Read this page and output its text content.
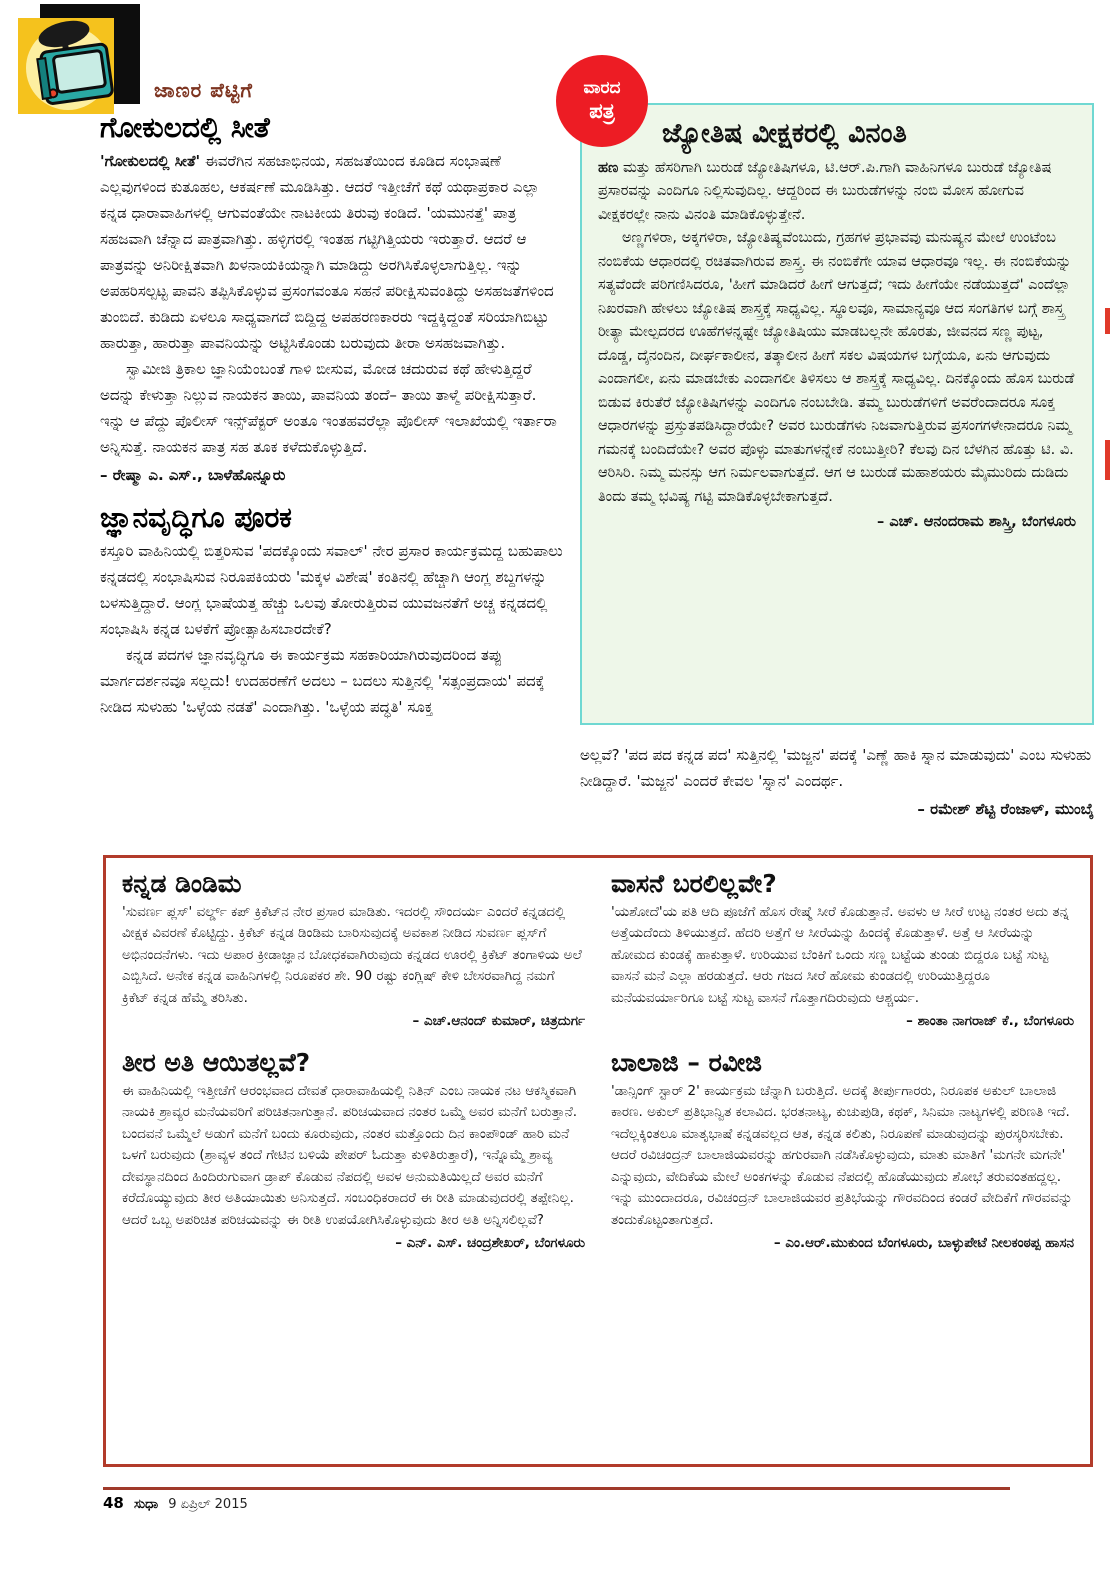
ಜಾಣರ ಪೆಟ್ಟಿಗೆ	ವಾರದ
ಪತ್ರ
ಗೋಕುಲದಲ್ಲಿ ಸೀತೆ

'ಗೋಕುಲದಲ್ಲಿ ಸೀತೆ' ಈವರೆಗಿನ ಸಹಜಾಭಿನಯ, ಸಹಜತೆಯಿಂದ ಕೂಡಿದ ಸಂಭಾಷಣೆ ಎಲ್ಲವುಗಳಿಂದ ಕುತೂಹಲ, ಆಕರ್ಷಣೆ ಮೂಡಿಸಿತ್ತು. ಆದರೆ ಇತ್ತೀಚೆಗೆ ಕಥೆ ಯಥಾಪ್ರಕಾರ ಎಲ್ಲಾ ಕನ್ನಡ ಧಾರಾವಾಹಿಗಳಲ್ಲಿ ಆಗುವಂತೆಯೇ ನಾಟಕೀಯ ತಿರುವು ಕಂಡಿದೆ. 'ಯಮುನತ್ತೆ' ಪಾತ್ರ ಸಹಜವಾಗಿ ಚೆನ್ನಾದ ಪಾತ್ರವಾಗಿತ್ತು. ಹಳ್ಳಿಗರಲ್ಲಿ ಇಂತಹ ಗಟ್ಟಿಗಿತ್ತಿಯರು ಇರುತ್ತಾರೆ. ಆದರೆ ಆ ಪಾತ್ರವನ್ನು ಅನಿರೀಕ್ಷಿತವಾಗಿ ಖಳನಾಯಕಿಯನ್ನಾಗಿ ಮಾಡಿದ್ದು ಅರಗಿಸಿಕೊಳ್ಳಲಾಗುತ್ತಿಲ್ಲ. ಇನ್ನು ಅಪಹರಿಸಲ್ಪಟ್ಟ ಪಾವನಿ ತಪ್ಪಿಸಿಕೊಳ್ಳುವ ಪ್ರಸಂಗವಂತೂ ಸಹನೆ ಪರೀಕ್ಷಿಸುವಂತಿದ್ದು ಅಸಹಜತೆಗಳಿಂದ ತುಂಬಿದೆ. ಕುಡಿದು ಏಳಲೂ ಸಾಧ್ಯವಾಗದೆ ಬಿದ್ದಿದ್ದ ಅಪಹರಣಕಾರರು ಇದ್ದಕ್ಕಿದ್ದಂತೆ ಸರಿಯಾಗಿಬಿಟ್ಟು ಹಾರುತ್ತಾ, ಹಾರುತ್ತಾ ಪಾವನಿಯನ್ನು ಅಟ್ಟಿಸಿಕೊಂಡು ಬರುವುದು ತೀರಾ ಅಸಹಜವಾಗಿತ್ತು.

ಸ್ವಾಮೀಜಿ ತ್ರಿಕಾಲ ಜ್ಞಾನಿಯೆಂಬಂತೆ ಗಾಳಿ ಬೀಸುವ, ಮೋಡ ಚದುರುವ ಕಥೆ ಹೇಳುತ್ತಿದ್ದರೆ ಅದನ್ನು ಕೇಳುತ್ತಾ ನಿಲ್ಲುವ ನಾಯಕನ ತಾಯಿ, ಪಾವನಿಯ ತಂದೆ– ತಾಯಿ ತಾಳ್ಮೆ ಪರೀಕ್ಷಿಸುತ್ತಾರೆ. ಇನ್ನು ಆ ಪೆದ್ದು ಪೊಲೀಸ್ ಇನ್ಸ್‌ಪೆಕ್ಟರ್ ಅಂತೂ ಇಂತಹವರೆಲ್ಲಾ ಪೊಲೀಸ್ ಇಲಾಖೆಯಲ್ಲಿ ಇರ್ತಾರಾ ಅನ್ನಿಸುತ್ತೆ. ನಾಯಕನ ಪಾತ್ರ ಸಹ ತೂಕ ಕಳೆದುಕೊಳ್ಳುತ್ತಿದೆ.

– ರೇಷ್ಮಾ ಎ. ಎಸ್., ಬಾಳೆಹೊನ್ನೂರು

ಜ್ಞಾನವೃದ್ಧಿಗೂ ಪೂರಕ

ಕಸ್ತೂರಿ ವಾಹಿನಿಯಲ್ಲಿ ಬಿತ್ತರಿಸುವ 'ಪದಕ್ಕೊಂದು ಸವಾಲ್' ನೇರ ಪ್ರಸಾರ ಕಾರ್ಯಕ್ರಮದ್ದ ಬಹುಪಾಲು ಕನ್ನಡದಲ್ಲಿ ಸಂಭಾಷಿಸುವ ನಿರೂಪಕಿಯರು 'ಮಕ್ಕಳ ವಿಶೇಷ' ಕಂತಿನಲ್ಲಿ ಹೆಚ್ಚಾಗಿ ಆಂಗ್ಲ ಶಬ್ದಗಳನ್ನು ಬಳಸುತ್ತಿದ್ದಾರೆ. ಆಂಗ್ಲ ಭಾಷೆಯತ್ತ ಹೆಚ್ಚು ಒಲವು ತೋರುತ್ತಿರುವ ಯುವಜನತೆಗೆ ಅಚ್ಚ ಕನ್ನಡದಲ್ಲಿ ಸಂಭಾಷಿಸಿ ಕನ್ನಡ ಬಳಕೆಗೆ ಪ್ರೋತ್ಸಾಹಿಸಬಾರದೇಕೆ?

ಕನ್ನಡ ಪದಗಳ ಜ್ಞಾನವೃದ್ಧಿಗೂ ಈ ಕಾರ್ಯಕ್ರಮ ಸಹಕಾರಿಯಾಗಿರುವುದರಿಂದ ತಪ್ಪು ಮಾರ್ಗದರ್ಶನವೂ ಸಲ್ಲದು! ಉದಹರಣೆಗೆ ಅದಲು – ಬದಲು ಸುತ್ತಿನಲ್ಲಿ 'ಸತ್ಸಂಪ್ರದಾಯ' ಪದಕ್ಕೆ ನೀಡಿದ ಸುಳುಹು 'ಒಳ್ಳೆಯ ನಡತೆ' ಎಂದಾಗಿತ್ತು. 'ಒಳ್ಳೆಯ ಪದ್ಧತಿ' ಸೂಕ್ತ

ಜ್ಯೋತಿಷ ವೀಕ್ಷಕರಲ್ಲಿ ವಿನಂತಿ

ಹಣ ಮತ್ತು ಹೆಸರಿಗಾಗಿ ಬುರುಡೆ ಜ್ಯೋತಿಷಿಗಳೂ, ಟಿ.ಆರ್.ಪಿ.ಗಾಗಿ ವಾಹಿನಿಗಳೂ ಬುರುಡೆ ಜ್ಯೋತಿಷ ಪ್ರಸಾರವನ್ನು ಎಂದಿಗೂ ನಿಲ್ಲಿಸುವುದಿಲ್ಲ. ಆದ್ದರಿಂದ ಈ ಬುರುಡೆಗಳನ್ನು ನಂಬಿ ಮೋಸ ಹೋಗುವ ವೀಕ್ಷಕರಲ್ಲೇ ನಾನು ವಿನಂತಿ ಮಾಡಿಕೊಳ್ಳುತ್ತೇನೆ.

ಅಣ್ಣಗಳಿರಾ, ಅಕ್ಕಗಳಿರಾ, ಜ್ಯೋತಿಷ್ಯವೆಂಬುದು, ಗ್ರಹಗಳ ಪ್ರಭಾವವು ಮನುಷ್ಯನ ಮೇಲೆ ಉಂಟೆಂಬ ನಂಬಿಕೆಯ ಆಧಾರದಲ್ಲಿ ರಚಿತವಾಗಿರುವ ಶಾಸ್ತ್ರ. ಈ ನಂಬಿಕೆಗೇ ಯಾವ ಆಧಾರವೂ ಇಲ್ಲ. ಈ ನಂಬಿಕೆಯನ್ನು ಸತ್ಯವೆಂದೇ ಪರಿಗಣಿಸಿದರೂ, 'ಹೀಗೆ ಮಾಡಿದರೆ ಹೀಗೆ ಆಗುತ್ತದೆ; ಇದು ಹೀಗೆಯೇ ನಡೆಯುತ್ತದೆ' ಎಂದೆಲ್ಲಾ ನಿಖರವಾಗಿ ಹೇಳಲು ಜ್ಯೋತಿಷ ಶಾಸ್ತ್ರಕ್ಕೆ ಸಾಧ್ಯವಿಲ್ಲ. ಸ್ಥೂಲವೂ, ಸಾಮಾನ್ಯವೂ ಆದ ಸಂಗತಿಗಳ ಬಗ್ಗೆ ಶಾಸ್ತ್ರ ರೀತ್ಯಾ ಮೇಲ್ಪದರದ ಊಹೆಗಳನ್ನಷ್ಟೇ ಜ್ಯೋತಿಷಿಯು ಮಾಡಬಲ್ಲನೇ ಹೊರತು, ಜೀವನದ ಸಣ್ಣ ಪುಟ್ಟ, ದೊಡ್ಡ, ದೈನಂದಿನ, ದೀರ್ಘಕಾಲೀನ, ತತ್ಕಾಲೀನ ಹೀಗೆ ಸಕಲ ವಿಷಯಗಳ ಬಗ್ಗೆಯೂ, ಏನು ಆಗುವುದು ಎಂದಾಗಲೀ, ಏನು ಮಾಡಬೇಕು ಎಂದಾಗಲೀ ತಿಳಿಸಲು ಆ ಶಾಸ್ತ್ರಕ್ಕೆ ಸಾಧ್ಯವಿಲ್ಲ. ದಿನಕ್ಕೊಂದು ಹೊಸ ಬುರುಡೆ ಬಿಡುವ ಕಿರುತೆರೆ ಜ್ಯೋತಿಷಿಗಳನ್ನು ಎಂದಿಗೂ ನಂಬಬೇಡಿ. ತಮ್ಮ ಬುರುಡೆಗಳಿಗೆ ಅವರೆಂದಾದರೂ ಸೂಕ್ತ ಆಧಾರಗಳನ್ನು ಪ್ರಸ್ತುತಪಡಿಸಿದ್ದಾರೆಯೇ? ಅವರ ಬುರುಡೆಗಳು ನಿಜವಾಗುತ್ತಿರುವ ಪ್ರಸಂಗಗಳೇನಾದರೂ ನಿಮ್ಮ ಗಮನಕ್ಕೆ ಬಂದಿದೆಯೇ? ಅವರ ಪೊಳ್ಳು ಮಾತುಗಳನ್ನೇಕೆ ನಂಬುತ್ತೀರಿ? ಕೆಲವು ದಿನ ಬೆಳಗಿನ ಹೊತ್ತು ಟಿ. ವಿ. ಆರಿಸಿರಿ. ನಿಮ್ಮ ಮನಸ್ಸು ಆಗ ನಿರ್ಮಲವಾಗುತ್ತದೆ. ಆಗ ಆ ಬುರುಡೆ ಮಹಾಶಯರು ಮೈಮುರಿದು ದುಡಿದು ತಿಂದು ತಮ್ಮ ಭವಿಷ್ಯ ಗಟ್ಟಿ ಮಾಡಿಕೊಳ್ಳಬೇಕಾಗುತ್ತದೆ.

– ಎಚ್. ಆನಂದರಾಮ ಶಾಸ್ತ್ರಿ, ಬೆಂಗಳೂರು

ಅಲ್ಲವೆ? 'ಪದ ಪದ ಕನ್ನಡ ಪದ' ಸುತ್ತಿನಲ್ಲಿ 'ಮಜ್ಜನ' ಪದಕ್ಕೆ 'ಎಣ್ಣೆ ಹಾಕಿ ಸ್ನಾನ ಮಾಡುವುದು' ಎಂಬ ಸುಳುಹು ನೀಡಿದ್ದಾರೆ. 'ಮಜ್ಜನ' ಎಂದರೆ ಕೇವಲ 'ಸ್ನಾನ' ಎಂದರ್ಥ.

– ರಮೇಶ್ ಶೆಟ್ಟಿ ರೆಂಜಾಳ್, ಮುಂಬೈ

ಕನ್ನಡ ಡಿಂಡಿಮ

'ಸುವರ್ಣ ಪ್ಲಸ್' ವರ್ಲ್ಡ್ ಕಪ್ ಕ್ರಿಕೆಟ್‌ನ ನೇರ ಪ್ರಸಾರ ಮಾಡಿತು. ಇದರಲ್ಲಿ ಸೌಂದರ್ಯ ಎಂದರೆ ಕನ್ನಡದಲ್ಲಿ ವೀಕ್ಷಕ ವಿವರಣೆ ಕೊಟ್ಟಿದ್ದು. ಕ್ರಿಕೆಟ್ ಕನ್ನಡ ಡಿಂಡಿಮ ಬಾರಿಸುವುದಕ್ಕೆ ಅವಕಾಶ ನೀಡಿದ ಸುವರ್ಣ ಪ್ಲಸ್‌ಗೆ ಅಭಿನಂದನೆಗಳು. ಇದು ಅಪಾರ ಕ್ರೀಡಾಜ್ಞಾನ ಬೋಧಕವಾಗಿರುವುದು ಕನ್ನಡದ ಊರಲ್ಲಿ ಕ್ರಿಕೆಟ್ ತಂಗಾಳಿಯ ಅಲೆ ಎಬ್ಬಿಸಿದೆ. ಅನೇಕ ಕನ್ನಡ ವಾಹಿನಿಗಳಲ್ಲಿ ನಿರೂಪಕರ ಶೇ. 90 ರಷ್ಟು ಕಂಗ್ಲಿಷ್ ಕೇಳಿ ಬೇಸರವಾಗಿದ್ದ ನಮಗೆ ಕ್ರಿಕೆಟ್ ಕನ್ನಡ ಹೆಮ್ಮೆ ತರಿಸಿತು.

– ಎಚ್.ಆನಂದ್ ಕುಮಾರ್, ಚಿತ್ರದುರ್ಗ

ತೀರ ಅತಿ ಆಯಿತಲ್ಲವೆ?

ಈ ವಾಹಿನಿಯಲ್ಲಿ ಇತ್ತೀಚೆಗೆ ಆರಂಭವಾದ ದೇವತೆ ಧಾರಾವಾಹಿಯಲ್ಲಿ ನಿತಿನ್ ಎಂಬ ನಾಯಕ ನಟ ಆಕಸ್ಮಿಕವಾಗಿ ನಾಯಕಿ ಶ್ರಾವ್ಯರ ಮನೆಯವರಿಗೆ ಪರಿಚಿತನಾಗುತ್ತಾನೆ. ಪರಿಚಯವಾದ ನಂತರ ಒಮ್ಮೆ ಅವರ ಮನೆಗೆ ಬರುತ್ತಾನೆ. ಬಂದವನೆ ಒಮ್ಮೆಲೆ ಅಡುಗೆ ಮನೆಗೆ ಬಂದು ಕೂರುವುದು, ನಂತರ ಮತ್ತೊಂದು ದಿನ ಕಾಂಪೌಂಡ್ ಹಾರಿ ಮನೆ ಒಳಗೆ ಬರುವುದು (ಶ್ರಾವ್ಯಳ ತಂದೆ ಗೇಟಿನ ಬಳಿಯೆ ಪೇಪರ್ ಓದುತ್ತಾ ಕುಳಿತಿರುತ್ತಾರೆ), ಇನ್ನೊಮ್ಮೆ ಶ್ರಾವ್ಯ ದೇವಸ್ಥಾನದಿಂದ ಹಿಂದಿರುಗುವಾಗ ಡ್ರಾಪ್ ಕೊಡುವ ನೆಪದಲ್ಲಿ ಅವಳ ಅನುಮತಿಯಿಲ್ಲದೆ ಅವರ ಮನೆಗೆ ಕರೆದೊಯ್ಯುವುದು ತೀರ ಅತಿಯಾಯಿತು ಅನಿಸುತ್ತದೆ. ಸಂಬಂಧಿಕರಾದರೆ ಈ ರೀತಿ ಮಾಡುವುದರಲ್ಲಿ ತಪ್ಪೇನಿಲ್ಲ. ಆದರೆ ಒಬ್ಬ ಅಪರಿಚಿತ ಪರಿಚಯವನ್ನು ಈ ರೀತಿ ಉಪಯೋಗಿಸಿಕೊಳ್ಳುವುದು ತೀರ ಅತಿ ಅನ್ನಿಸಲಿಲ್ಲವೆ?

– ಎನ್. ಎಸ್. ಚಂದ್ರಶೇಖರ್, ಬೆಂಗಳೂರು

ವಾಸನೆ ಬರಲಿಲ್ಲವೇ?

'ಯಶೋದೆ'ಯ ಪತಿ ಆದಿ ಪೂಜೆಗೆ ಹೊಸ ರೇಷ್ಮೆ ಸೀರೆ ಕೊಡುತ್ತಾನೆ. ಅವಳು ಆ ಸೀರೆ ಉಟ್ಟ ನಂತರ ಅದು ತನ್ನ ಅತ್ತೆಯದೆಂದು ತಿಳಿಯುತ್ತದೆ. ಹೆದರಿ ಅತ್ತೆಗೆ ಆ ಸೀರೆಯನ್ನು ಹಿಂದಕ್ಕೆ ಕೊಡುತ್ತಾಳೆ. ಅತ್ತೆ ಆ ಸೀರೆಯನ್ನು ಹೋಮದ ಕುಂಡಕ್ಕೆ ಹಾಕುತ್ತಾಳೆ. ಉರಿಯುವ ಬೆಂಕಿಗೆ ಒಂದು ಸಣ್ಣ ಬಟ್ಟೆಯ ತುಂಡು ಬಿದ್ದರೂ ಬಟ್ಟೆ ಸುಟ್ಟ ವಾಸನೆ ಮನೆ ಎಲ್ಲಾ ಹರಡುತ್ತದೆ. ಆರು ಗಜದ ಸೀರೆ ಹೋಮ ಕುಂಡದಲ್ಲಿ ಉರಿಯುತ್ತಿದ್ದರೂ ಮನೆಯವರ್ಯಾರಿಗೂ ಬಟ್ಟೆ ಸುಟ್ಟ ವಾಸನೆ ಗೊತ್ತಾಗದಿರುವುದು ಆಶ್ಚರ್ಯ.

– ಶಾಂತಾ ನಾಗರಾಜ್ ಕೆ., ಬೆಂಗಳೂರು

ಬಾಲಾಜಿ – ರವೀಜಿ

'ಡಾನ್ಸಿಂಗ್ ಸ್ಟಾರ್ 2' ಕಾರ್ಯಕ್ರಮ ಚೆನ್ನಾಗಿ ಬರುತ್ತಿದೆ. ಅದಕ್ಕೆ ತೀರ್ಪುಗಾರರು, ನಿರೂಪಕ ಅಕುಲ್ ಬಾಲಾಜಿ ಕಾರಣ. ಅಕುಲ್ ಪ್ರತಿಭಾನ್ವಿತ ಕಲಾವಿದ. ಭರತನಾಟ್ಯ, ಕುಚುಪುಡಿ, ಕಥಕ್, ಸಿನಿಮಾ ನಾಟ್ಯಗಳಲ್ಲಿ ಪರಿಣತಿ ಇದೆ. ಇದೆಲ್ಲಕ್ಕಿಂತಲೂ ಮಾತೃಭಾಷೆ ಕನ್ನಡವಲ್ಲದ ಆತ, ಕನ್ನಡ ಕಲಿತು, ನಿರೂಪಣೆ ಮಾಡುವುದನ್ನು ಪುರಸ್ಕರಿಸಬೇಕು. ಆದರೆ ರವಿಚಂದ್ರನ್ ಬಾಲಾಜಿಯವರನ್ನು ಹಗುರವಾಗಿ ನಡೆಸಿಕೊಳ್ಳುವುದು, ಮಾತು ಮಾತಿಗೆ 'ಮಗನೇ ಮಗನೇ' ಎನ್ನುವುದು, ವೇದಿಕೆಯ ಮೇಲೆ ಅಂಕಗಳನ್ನು ಕೊಡುವ ನೆಪದಲ್ಲಿ ಹೊಡೆಯುವುದು ಶೋಭೆ ತರುವಂತಹದ್ದಲ್ಲ. ಇನ್ನು ಮುಂದಾದರೂ, ರವಿಚಂದ್ರನ್ ಬಾಲಾಜಿಯವರ ಪ್ರತಿಭೆಯನ್ನು ಗೌರವದಿಂದ ಕಂಡರೆ ವೇದಿಕೆಗೆ ಗೌರವವನ್ನು ತಂದುಕೊಟ್ಟಂತಾಗುತ್ತದೆ.

– ಎಂ.ಆರ್.ಮುಕುಂದ ಬೆಂಗಳೂರು, ಬಾಳ್ಳುಪೇಟೆ ನೀಲಕಂಠಪ್ಪ ಹಾಸನ

48 ಸುಧಾ 9 ಏಪ್ರಿಲ್ 2015
